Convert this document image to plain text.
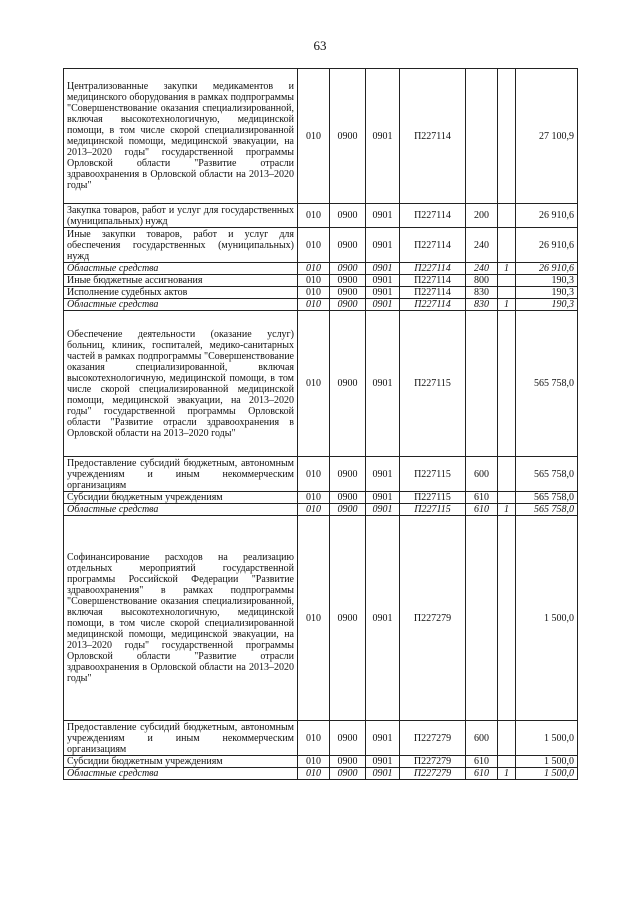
63
Централизованные закупки медикаментов и медицинского оборудования в рамках подпрограммы "Совершенствование оказания специализированной, включая высокотехнологичную, медицинской помощи, в том числе скорой специализированной медицинской помощи, медицинской эвакуации, на 2013–2020 годы" государственной программы Орловской области "Развитие отрасли здравоохранения в Орловской области на 2013–2020 годы"	010	0900	0901	П227114			27 100,9
Закупка товаров, работ и услуг для государственных (муниципальных) нужд	010	0900	0901	П227114	200		26 910,6
Иные закупки товаров, работ и услуг для обеспечения государственных (муниципальных) нужд	010	0900	0901	П227114	240		26 910,6
Областные средства	010	0900	0901	П227114	240	1	26 910,6
Иные бюджетные ассигнования	010	0900	0901	П227114	800		190,3
Исполнение судебных актов	010	0900	0901	П227114	830		190,3
Областные средства	010	0900	0901	П227114	830	1	190,3
Обеспечение деятельности (оказание услуг) больниц, клиник, госпиталей, медико-санитарных частей в рамках подпрограммы "Совершенствование оказания специализированной, включая высокотехнологичную, медицинской помощи, в том числе скорой специализированной медицинской помощи, медицинской эвакуации, на 2013–2020 годы" государственной программы Орловской области "Развитие отрасли здравоохранения в Орловской области на 2013–2020 годы"	010	0900	0901	П227115			565 758,0
Предоставление субсидий бюджетным, автономным учреждениям и иным некоммерческим организациям	010	0900	0901	П227115	600		565 758,0
Субсидии бюджетным учреждениям	010	0900	0901	П227115	610		565 758,0
Областные средства	010	0900	0901	П227115	610	1	565 758,0
Софинансирование расходов на реализацию отдельных мероприятий государственной программы Российской Федерации "Развитие здравоохранения" в рамках подпрограммы "Совершенствование оказания специализированной, включая высокотехнологичную, медицинской помощи, в том числе скорой специализированной медицинской помощи, медицинской эвакуации, на 2013–2020 годы" государственной программы Орловской области "Развитие отрасли здравоохранения в Орловской области на 2013–2020 годы"	010	0900	0901	П227279			1 500,0
Предоставление субсидий бюджетным, автономным учреждениям и иным некоммерческим организациям	010	0900	0901	П227279	600		1 500,0
Субсидии бюджетным учреждениям	010	0900	0901	П227279	610		1 500,0
Областные средства	010	0900	0901	П227279	610	1	1 500,0
